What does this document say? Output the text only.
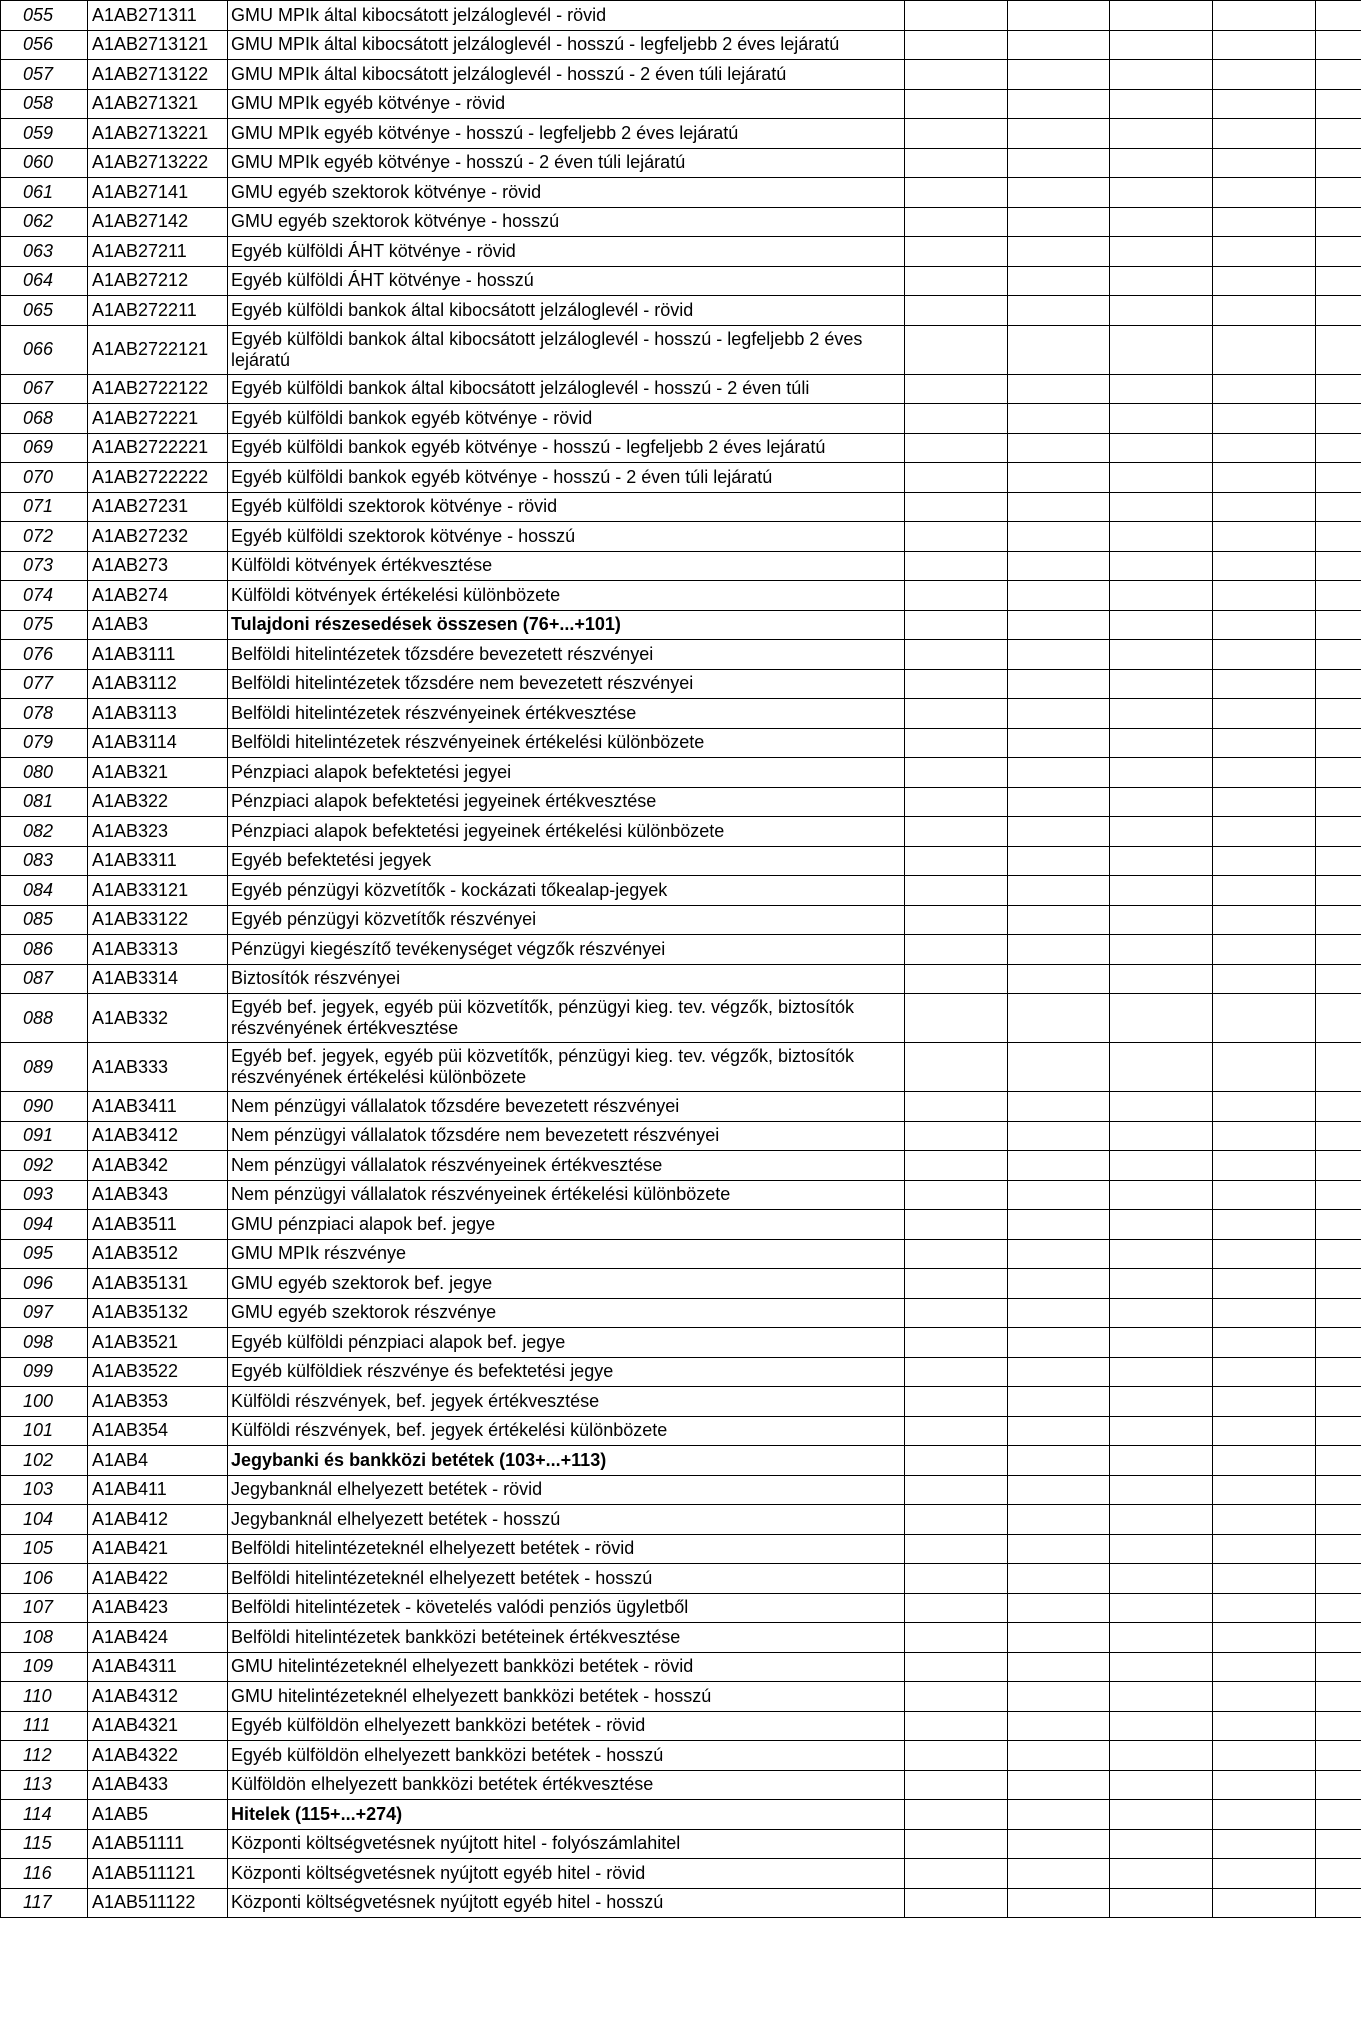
055	A1AB271311	GMU MPIk által kibocsátott jelzáloglevél - rövid					
056	A1AB2713121	GMU MPIk által kibocsátott jelzáloglevél - hosszú - legfeljebb 2 éves lejáratú					
057	A1AB2713122	GMU MPIk által kibocsátott jelzáloglevél - hosszú - 2 éven túli lejáratú					
058	A1AB271321	GMU MPIk egyéb kötvénye - rövid					
059	A1AB2713221	GMU MPIk egyéb kötvénye - hosszú - legfeljebb 2 éves lejáratú					
060	A1AB2713222	GMU MPIk egyéb kötvénye - hosszú - 2 éven túli lejáratú					
061	A1AB27141	GMU egyéb szektorok kötvénye - rövid					
062	A1AB27142	GMU egyéb szektorok kötvénye - hosszú					
063	A1AB27211	Egyéb külföldi ÁHT kötvénye - rövid					
064	A1AB27212	Egyéb külföldi ÁHT kötvénye - hosszú					
065	A1AB272211	Egyéb külföldi bankok által kibocsátott jelzáloglevél - rövid					
066	A1AB2722121	Egyéb külföldi bankok által kibocsátott jelzáloglevél - hosszú - legfeljebb 2 éves lejáratú					
067	A1AB2722122	Egyéb külföldi bankok által kibocsátott jelzáloglevél - hosszú - 2 éven túli					
068	A1AB272221	Egyéb külföldi bankok egyéb kötvénye - rövid					
069	A1AB2722221	Egyéb külföldi bankok egyéb kötvénye - hosszú - legfeljebb 2 éves lejáratú					
070	A1AB2722222	Egyéb külföldi bankok egyéb kötvénye - hosszú - 2 éven túli lejáratú					
071	A1AB27231	Egyéb külföldi szektorok kötvénye - rövid					
072	A1AB27232	Egyéb külföldi szektorok kötvénye - hosszú					
073	A1AB273	Külföldi kötvények értékvesztése					
074	A1AB274	Külföldi kötvények értékelési különbözete					
075	A1AB3	Tulajdoni részesedések összesen (76+...+101)					
076	A1AB3111	Belföldi hitelintézetek tőzsdére bevezetett részvényei					
077	A1AB3112	Belföldi hitelintézetek tőzsdére nem bevezetett részvényei					
078	A1AB3113	Belföldi hitelintézetek részvényeinek értékvesztése					
079	A1AB3114	Belföldi hitelintézetek részvényeinek értékelési különbözete					
080	A1AB321	Pénzpiaci alapok befektetési jegyei					
081	A1AB322	Pénzpiaci alapok befektetési jegyeinek értékvesztése					
082	A1AB323	Pénzpiaci alapok befektetési jegyeinek értékelési különbözete					
083	A1AB3311	Egyéb befektetési jegyek					
084	A1AB33121	Egyéb pénzügyi közvetítők - kockázati tőkealap-jegyek					
085	A1AB33122	Egyéb pénzügyi közvetítők részvényei					
086	A1AB3313	Pénzügyi kiegészítő tevékenységet végzők részvényei					
087	A1AB3314	Biztosítók részvényei					
088	A1AB332	Egyéb bef. jegyek, egyéb püi közvetítők, pénzügyi kieg. tev. végzők, biztosítók részvényének értékvesztése					
089	A1AB333	Egyéb bef. jegyek, egyéb püi közvetítők, pénzügyi kieg. tev. végzők, biztosítók részvényének értékelési különbözete					
090	A1AB3411	Nem pénzügyi vállalatok tőzsdére bevezetett részvényei					
091	A1AB3412	Nem pénzügyi vállalatok tőzsdére nem bevezetett részvényei					
092	A1AB342	Nem pénzügyi vállalatok részvényeinek értékvesztése					
093	A1AB343	Nem pénzügyi vállalatok részvényeinek értékelési különbözete					
094	A1AB3511	GMU pénzpiaci alapok bef. jegye					
095	A1AB3512	GMU MPIk részvénye					
096	A1AB35131	GMU egyéb szektorok bef. jegye					
097	A1AB35132	GMU egyéb szektorok részvénye					
098	A1AB3521	Egyéb külföldi pénzpiaci alapok bef. jegye					
099	A1AB3522	Egyéb külföldiek részvénye és befektetési jegye					
100	A1AB353	Külföldi részvények, bef. jegyek értékvesztése					
101	A1AB354	Külföldi részvények, bef. jegyek értékelési különbözete					
102	A1AB4	Jegybanki és bankközi betétek (103+...+113)					
103	A1AB411	Jegybanknál elhelyezett betétek - rövid					
104	A1AB412	Jegybanknál elhelyezett betétek - hosszú					
105	A1AB421	Belföldi hitelintézeteknél elhelyezett betétek - rövid					
106	A1AB422	Belföldi hitelintézeteknél elhelyezett betétek - hosszú					
107	A1AB423	Belföldi hitelintézetek - követelés valódi penziós ügyletből					
108	A1AB424	Belföldi hitelintézetek bankközi betéteinek értékvesztése					
109	A1AB4311	GMU hitelintézeteknél elhelyezett bankközi betétek - rövid					
110	A1AB4312	GMU hitelintézeteknél elhelyezett bankközi betétek - hosszú					
111	A1AB4321	Egyéb külföldön elhelyezett bankközi betétek - rövid					
112	A1AB4322	Egyéb külföldön elhelyezett bankközi betétek - hosszú					
113	A1AB433	Külföldön elhelyezett bankközi betétek értékvesztése					
114	A1AB5	Hitelek (115+...+274)					
115	A1AB51111	Központi költségvetésnek nyújtott hitel - folyószámlahitel					
116	A1AB511121	Központi költségvetésnek nyújtott egyéb hitel - rövid					
117	A1AB511122	Központi költségvetésnek nyújtott egyéb hitel - hosszú					
